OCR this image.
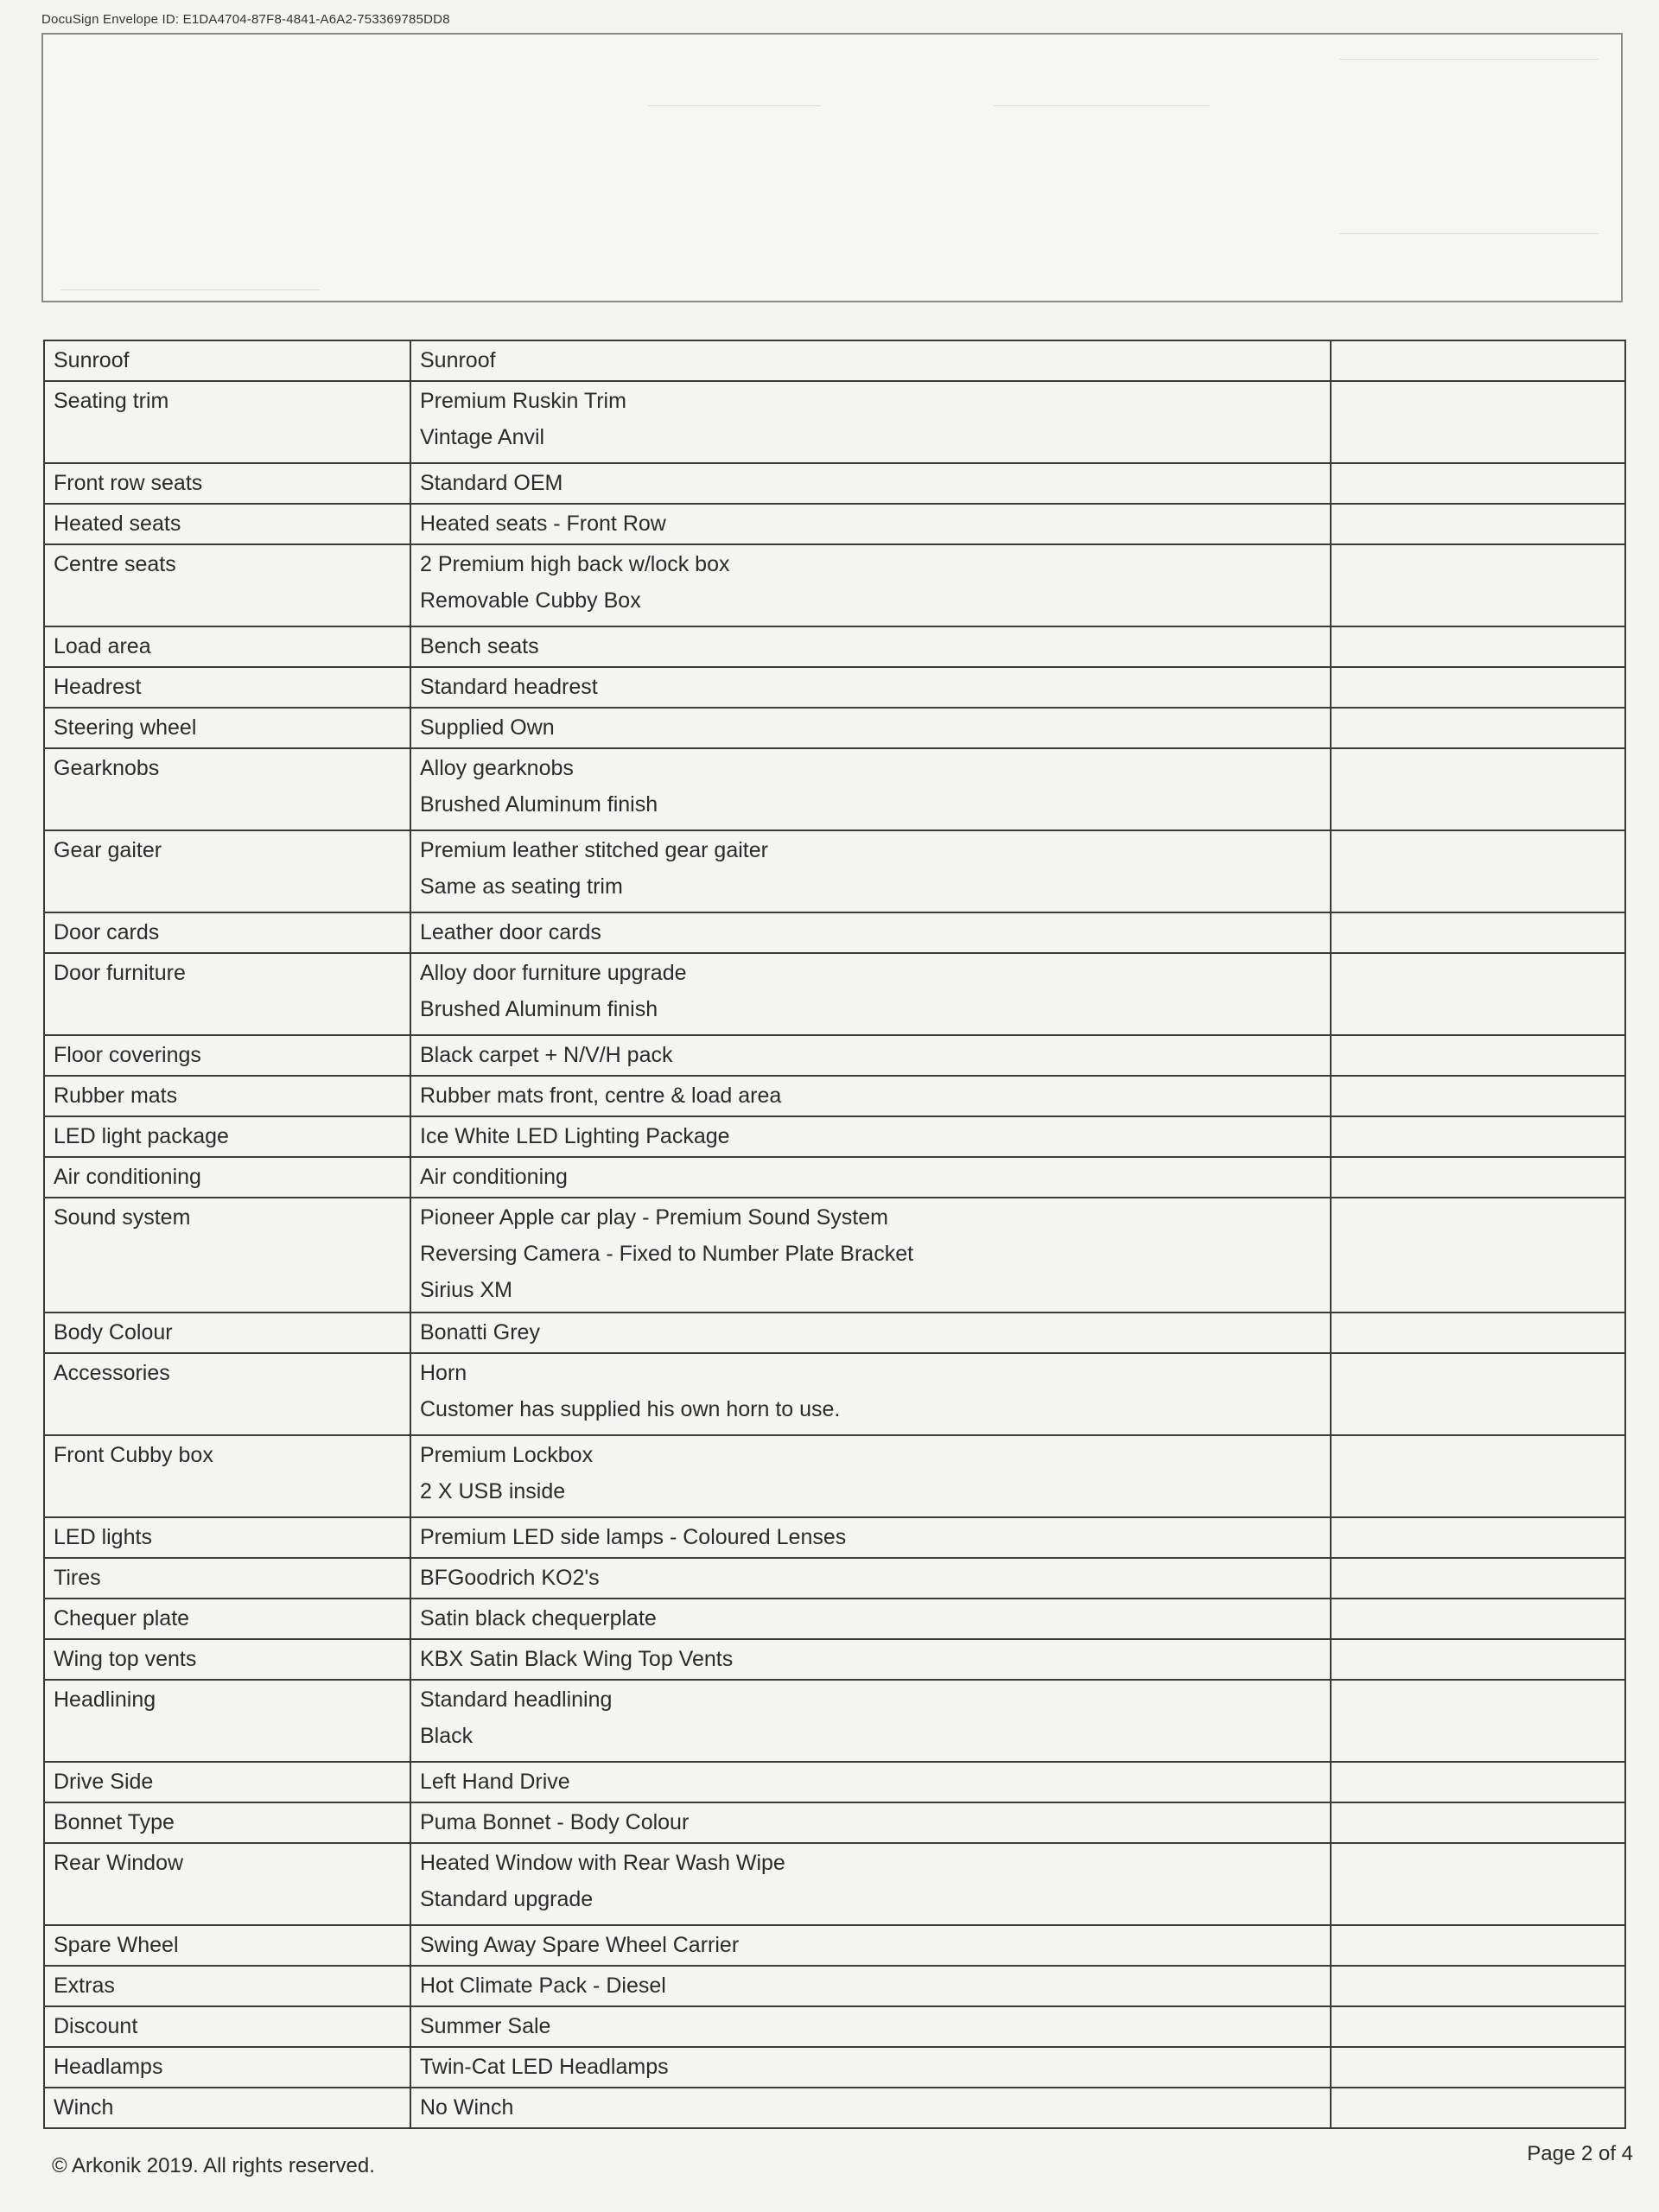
DocuSign Envelope ID: E1DA4704-87F8-4841-A6A2-753369785DD8
Sunroof	Sunroof	

Seating trim	Premium Ruskin Trim
Vintage Anvil	

Front row seats	Standard OEM	

Heated seats	Heated seats - Front Row	

Centre seats	2 Premium high back w/lock box
Removable Cubby Box	

Load area	Bench seats	

Headrest	Standard headrest	

Steering wheel	Supplied Own	

Gearknobs	Alloy gearknobs
Brushed Aluminum finish	

Gear gaiter	Premium leather stitched gear gaiter
Same as seating trim	

Door cards	Leather door cards	

Door furniture	Alloy door furniture upgrade
Brushed Aluminum finish	

Floor coverings	Black carpet + N/V/H pack	

Rubber mats	Rubber mats front, centre & load area	

LED light package	Ice White LED Lighting Package	

Air conditioning	Air conditioning	

Sound system	Pioneer Apple car play - Premium Sound System
Reversing Camera - Fixed to Number Plate Bracket
Sirius XM	

Body Colour	Bonatti Grey	

Accessories	Horn
Customer has supplied his own horn to use.	

Front Cubby box	Premium Lockbox
2 X USB inside	

LED lights	Premium LED side lamps - Coloured Lenses	

Tires	BFGoodrich KO2's	

Chequer plate	Satin black chequerplate	

Wing top vents	KBX Satin Black Wing Top Vents	

Headlining	Standard headlining
Black	

Drive Side	Left Hand Drive	

Bonnet Type	Puma Bonnet - Body Colour	

Rear Window	Heated Window with Rear Wash Wipe
Standard upgrade	

Spare Wheel	Swing Away Spare Wheel Carrier	

Extras	Hot Climate Pack - Diesel	

Discount	Summer Sale	

Headlamps	Twin-Cat LED Headlamps	

Winch	No Winch	

© Arkonik 2019. All rights reserved.
Page 2 of 4
